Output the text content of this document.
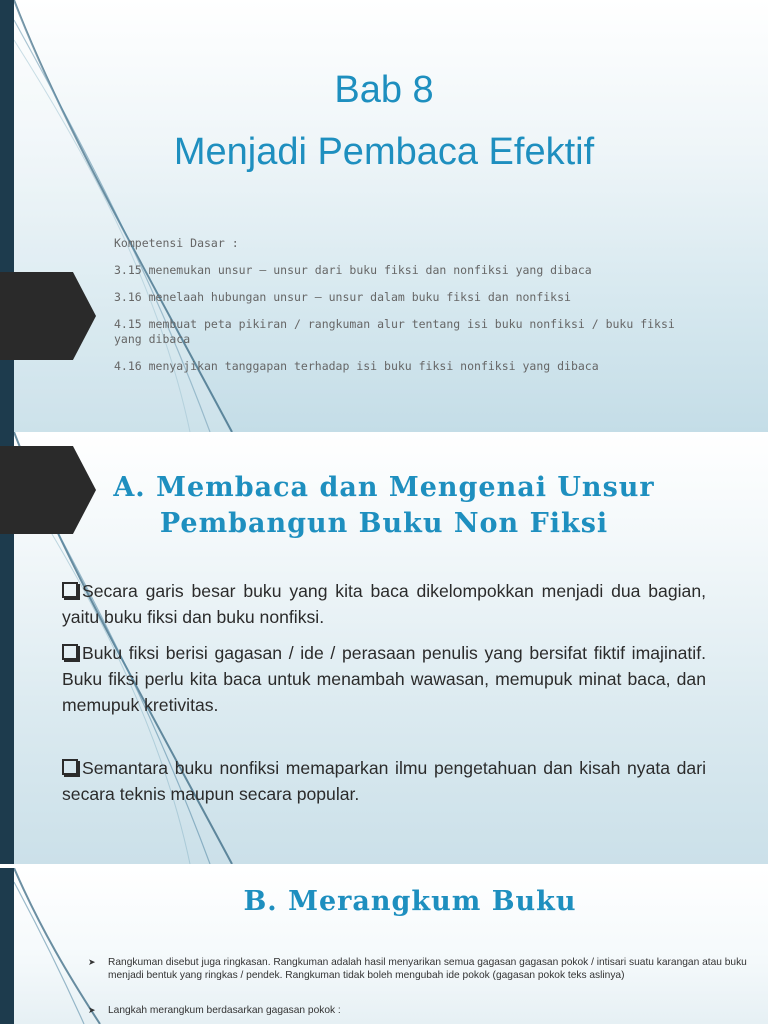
Bab 8
Menjadi Pembaca Efektif
Kompetensi Dasar :
3.15 menemukan unsur – unsur dari buku fiksi dan nonfiksi yang dibaca
3.16 menelaah hubungan unsur – unsur dalam buku fiksi dan nonfiksi
4.15 membuat peta pikiran / rangkuman alur tentang isi buku nonfiksi / buku fiksi yang dibaca
4.16 menyajikan tanggapan terhadap isi buku fiksi nonfiksi yang dibaca
A. Membaca dan Mengenai Unsur
Pembangun Buku Non Fiksi
Secara garis besar buku yang kita baca dikelompokkan menjadi dua bagian, yaitu buku fiksi dan buku nonfiksi.
Buku fiksi berisi gagasan / ide / perasaan penulis yang bersifat fiktif imajinatif. Buku fiksi perlu kita baca untuk menambah wawasan, memupuk minat baca, dan memupuk kretivitas.
Semantara buku nonfiksi memaparkan ilmu pengetahuan dan kisah nyata dari secara teknis maupun secara popular.
B. Merangkum Buku
➤ Rangkuman disebut juga ringkasan. Rangkuman adalah hasil menyarikan semua gagasan gagasan pokok / intisari suatu karangan atau buku menjadi bentuk yang ringkas / pendek. Rangkuman tidak boleh mengubah ide pokok (gagasan pokok teks aslinya)
➤ Langkah merangkum berdasarkan gagasan pokok :
